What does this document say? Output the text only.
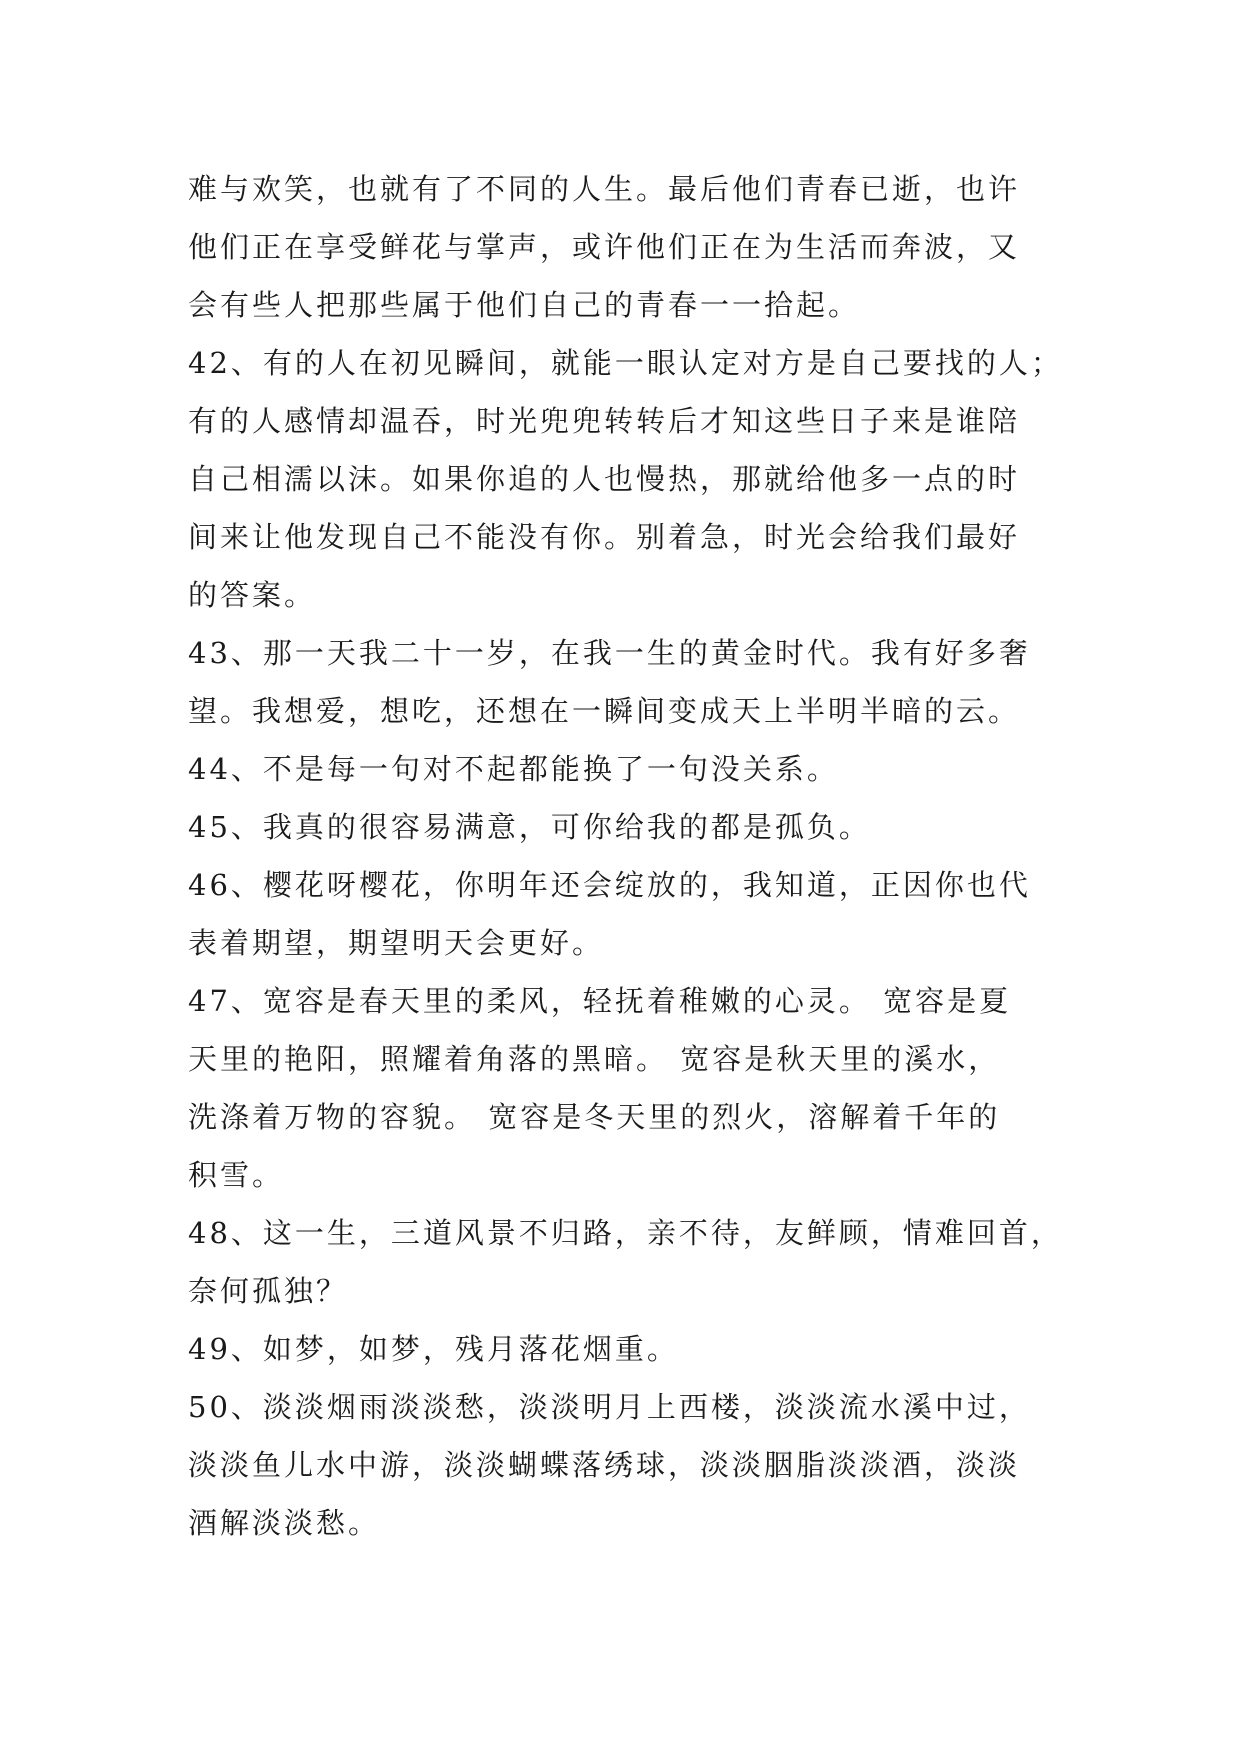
难与欢笑，也就有了不同的人生。最后他们青春已逝，也许
他们正在享受鲜花与掌声，或许他们正在为生活而奔波，又
会有些人把那些属于他们自己的青春一一拾起。
42、有的人在初见瞬间，就能一眼认定对方是自己要找的人；
有的人感情却温吞，时光兜兜转转后才知这些日子来是谁陪
自己相濡以沫。如果你追的人也慢热，那就给他多一点的时
间来让他发现自己不能没有你。别着急，时光会给我们最好
的答案。
43、那一天我二十一岁，在我一生的黄金时代。我有好多奢
望。我想爱，想吃，还想在一瞬间变成天上半明半暗的云。
44、不是每一句对不起都能换了一句没关系。
45、我真的很容易满意，可你给我的都是孤负。
46、樱花呀樱花，你明年还会绽放的，我知道，正因你也代
表着期望，期望明天会更好。
47、宽容是春天里的柔风，轻抚着稚嫩的心灵。 宽容是夏
天里的艳阳，照耀着角落的黑暗。 宽容是秋天里的溪水，
洗涤着万物的容貌。 宽容是冬天里的烈火，溶解着千年的
积雪。
48、这一生，三道风景不归路，亲不待，友鲜顾，情难回首，
奈何孤独？
49、如梦，如梦，残月落花烟重。
50、淡淡烟雨淡淡愁，淡淡明月上西楼，淡淡流水溪中过，
淡淡鱼儿水中游，淡淡蝴蝶落绣球，淡淡胭脂淡淡酒，淡淡
酒解淡淡愁。
